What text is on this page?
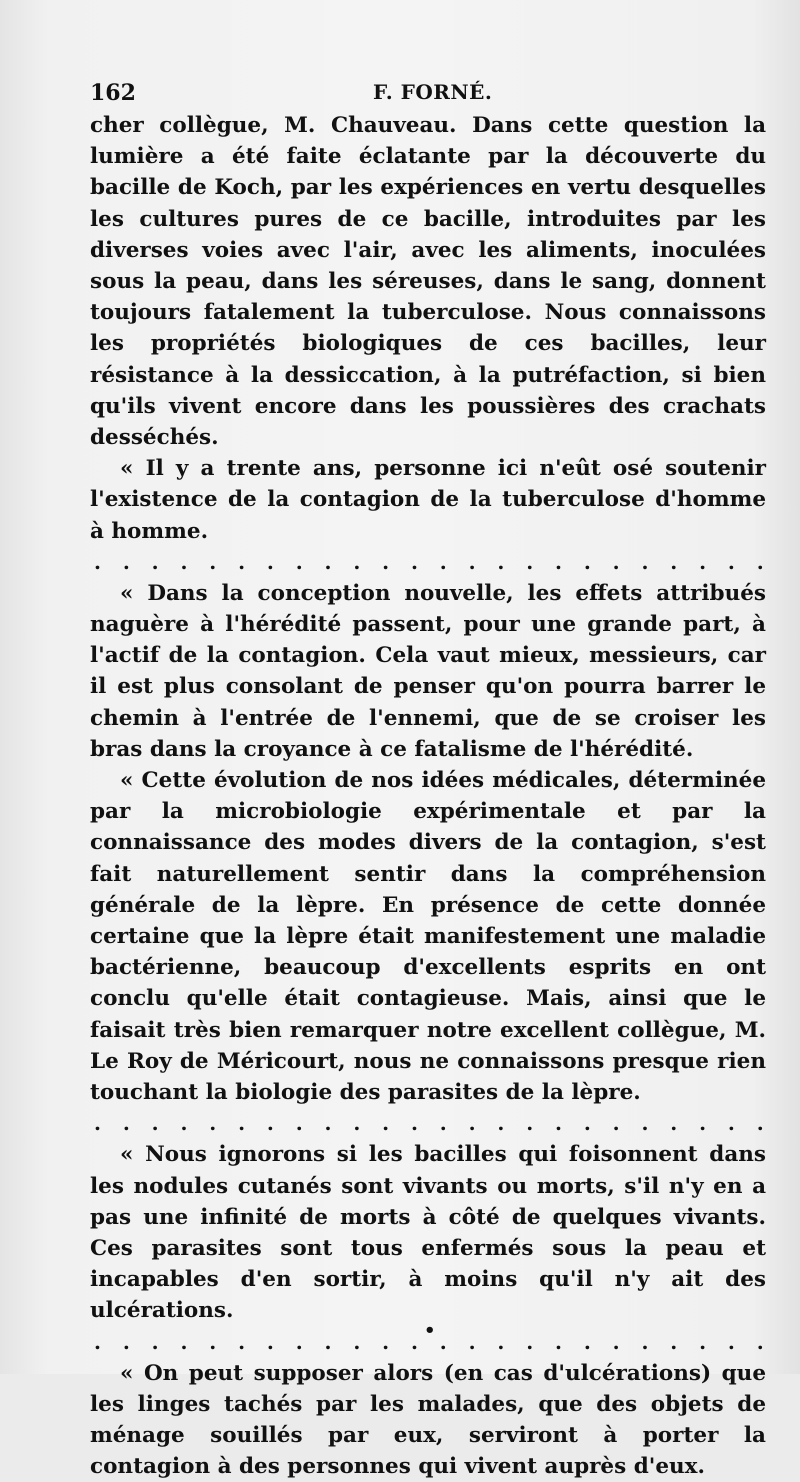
162	F. FORNÉ.

cher collègue, M. Chauveau. Dans cette question la lumière a été faite éclatante par la découverte du bacille de Koch, par les expériences en vertu desquelles les cultures pures de ce bacille, introduites par les diverses voies avec l'air, avec les aliments, inoculées sous la peau, dans les séreuses, dans le sang, donnent toujours fatalement la tuberculose. Nous connaissons les propriétés biologiques de ces bacilles, leur résistance à la dessiccation, à la putréfaction, si bien qu'ils vivent encore dans les poussières des crachats desséchés.

« Il y a trente ans, personne ici n'eût osé soutenir l'existence de la contagion de la tuberculose d'homme à homme.

. . . . . . . . . . . . . . . . . . . . . . . .

« Dans la conception nouvelle, les effets attribués naguère à l'hérédité passent, pour une grande part, à l'actif de la contagion. Cela vaut mieux, messieurs, car il est plus consolant de penser qu'on pourra barrer le chemin à l'entrée de l'ennemi, que de se croiser les bras dans la croyance à ce fatalisme de l'hérédité.

« Cette évolution de nos idées médicales, déterminée par la microbiologie expérimentale et par la connaissance des modes divers de la contagion, s'est fait naturellement sentir dans la compréhension générale de la lèpre. En présence de cette donnée certaine que la lèpre était manifestement une maladie bactérienne, beaucoup d'excellents esprits en ont conclu qu'elle était contagieuse. Mais, ainsi que le faisait très bien remarquer notre excellent collègue, M. Le Roy de Méricourt, nous ne connaissons presque rien touchant la biologie des parasites de la lèpre.

. . . . . . . . . . . . . . . . . . . . . . . .

« Nous ignorons si les bacilles qui foisonnent dans les nodules cutanés sont vivants ou morts, s'il n'y en a pas une infinité de morts à côté de quelques vivants. Ces parasites sont tous enfermés sous la peau et incapables d'en sortir, à moins qu'il n'y ait des ulcérations.

. . . . . . . . . . . . . . . . . . . . . . . .

« On peut supposer alors (en cas d'ulcérations) que les linges tachés par les malades, que des objets de ménage souillés par eux, serviront à porter la contagion à des personnes qui vivent auprès d'eux.

•
